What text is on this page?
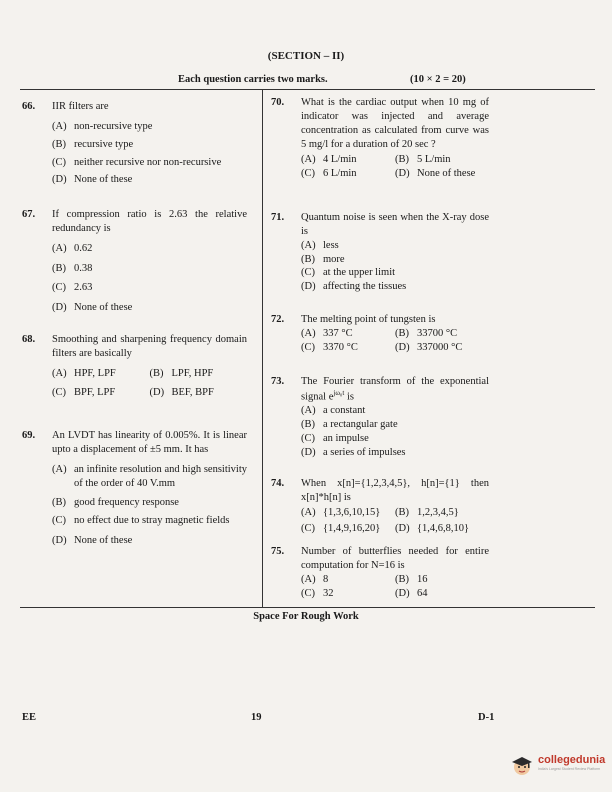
(SECTION – II)
Each question carries two marks.	(10 × 2 = 20)
66. IIR filters are
(A) non-recursive type
(B) recursive type
(C) neither recursive nor non-recursive
(D) None of these
67. If compression ratio is 2.63 the relative redundancy is
(A) 0.62
(B) 0.38
(C) 2.63
(D) None of these
68. Smoothing and sharpening frequency domain filters are basically
(A) HPF, LPF	(B) LPF, HPF
(C) BPF, LPF	(D) BEF, BPF
69. An LVDT has linearity of 0.005%. It is linear upto a displacement of ±5 mm. It has
(A) an infinite resolution and high sensitivity of the order of 40 V.mm
(B) good frequency response
(C) no effect due to stray magnetic fields
(D) None of these
70. What is the cardiac output when 10 mg of indicator was injected and average concentration as calculated from curve was 5 mg/l for a duration of 20 sec ?
(A) 4 L/min	(B) 5 L/min
(C) 6 L/min	(D) None of these
71. Quantum noise is seen when the X-ray dose is
(A) less
(B) more
(C) at the upper limit
(D) affecting the tissues
72. The melting point of tungsten is
(A) 337 °C	(B) 33700 °C
(C) 3370 °C	(D) 337000 °C
73. The Fourier transform of the exponential signal $e^{j\omega_0t}$ is
(A) a constant
(B) a rectangular gate
(C) an impulse
(D) a series of impulses
74. When x[n]={1,2,3,4,5}, h[n]={1} then x[n]*h[n] is
(A) {1,3,6,10,15} (B) 1,2,3,4,5}
(C) {1,4,9,16,20} (D) {1,4,6,8,10}
75. Number of butterflies needed for entire computation for N=16 is
(A) 8	(B) 16
(C) 32	(D) 64
Space For Rough Work
EE	19	D-1
collegedunia
India's Largest Student Review Platform
